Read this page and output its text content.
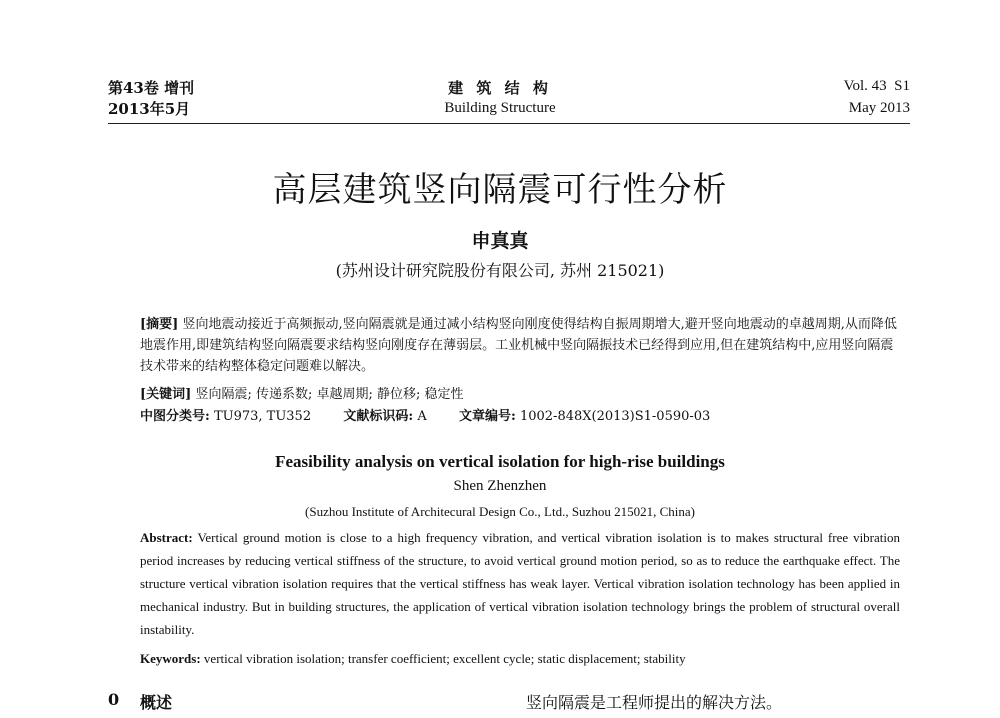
第43卷 增刊
2013年5月
建 筑 结 构
Building Structure
Vol. 43  S1
May 2013
高层建筑竖向隔震可行性分析
申真真
(苏州设计研究院股份有限公司, 苏州 215021)
[摘要] 竖向地震动接近于高频振动,竖向隔震就是通过减小结构竖向刚度使得结构自振周期增大,避开竖向地震动的卓越周期,从而降低地震作用,即建筑结构竖向隔震要求结构竖向刚度存在薄弱层。工业机械中竖向隔振技术已经得到应用,但在建筑结构中,应用竖向隔震技术带来的结构整体稳定问题难以解决。
[关键词] 竖向隔震; 传递系数; 卓越周期; 静位移; 稳定性
中图分类号: TU973, TU352 文献标识码: A 文章编号: 1002-848X(2013)S1-0590-03
Feasibility analysis on vertical isolation for high-rise buildings
Shen Zhenzhen
(Suzhou Institute of Architecural Design Co., Ltd., Suzhou 215021, China)
Abstract: Vertical ground motion is close to a high frequency vibration, and vertical vibration isolation is to makes structural free vibration period increases by reducing vertical stiffness of the structure, to avoid vertical ground motion period, so as to reduce the earthquake effect. The structure vertical vibration isolation requires that the vertical stiffness has weak layer. Vertical vibration isolation technology has been applied in mechanical industry. But in building structures, the application of vertical vibration isolation technology brings the problem of structural overall instability.
Keywords: vertical vibration isolation; transfer coefficient; excellent cycle; static displacement; stability
0 概述	竖向隔震是工程师提出的解决方法。
